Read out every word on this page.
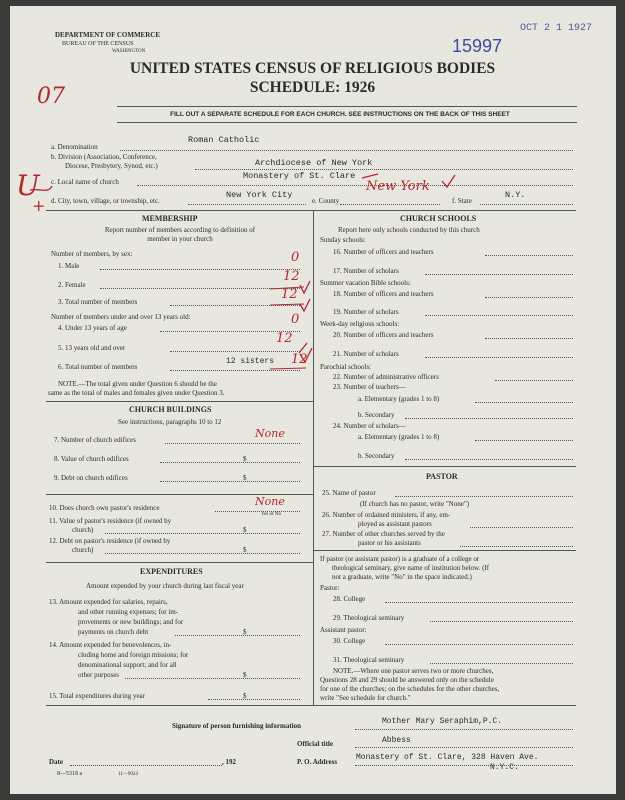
DEPARTMENT OF COMMERCE
BUREAU OF THE CENSUS
WASHINGTON
UNITED STATES CENSUS OF RELIGIOUS BODIES
SCHEDULE: 1926
15997
OCT 2 1 1927
07
FILL OUT A SEPARATE SCHEDULE FOR EACH CHURCH. SEE INSTRUCTIONS ON THE BACK OF THIS SHEET
a. Denomination
Roman Catholic
b. Division (Association, Conference,
Diocese, Presbytery, Synod, etc.)	Archdiocese of New York
c. Local name of church
Monastery of St. Clare
d. City, town, village, or township, etc.
New York City
e. County
New York
f. State
N.Y.
U
+
MEMBERSHIP
Report number of members according to definition of
member in your church
Number of members, by sex:
1. Male
0
2. Female
12
3. Total number of members	12
Number of members under and over 13 years old:
4. Under 13 years of age
0
5. 13 years old and over
12
6. Total number of members
12 sisters 12
NOTE.—The total given under Question 6 should be the
same as the total of males and females given under Question 3.
CHURCH BUILDINGS
See instructions, paragraphs 10 to 12
7. Number of church edifices	None
8. Value of church edifices	$
9. Debt on church edifices	$
10. Does church own pastor's residence	None
Yes or No
11. Value of pastor's residence (if owned by
church)	$
12. Debt on pastor's residence (if owned by
church)	$
EXPENDITURES
Amount expended by your church during last fiscal year
13. Amount expended for salaries, repairs,
and other running expenses; for im-
provements or new buildings; and for
payments on church debt	$
14. Amount expended for benevolences, in-
cluding home and foreign missions; for
denominational support; and for all
other purposes	$
15. Total expenditures during year	$
CHURCH SCHOOLS
Report here only schools conducted by this church
Sunday schools:
16. Number of officers and teachers
17. Number of scholars
Summer vacation Bible schools:
18. Number of officers and teachers
19. Number of scholars
Week-day religious schools:
20. Number of officers and teachers
21. Number of scholars
Parochial schools:
22. Number of administrative officers
23. Number of teachers—
a. Elementary (grades 1 to 8)
b. Secondary
24. Number of scholars—
a. Elementary (grades 1 to 8)
b. Secondary
PASTOR
25. Name of pastor
(If church has no pastor, write "None")
26. Number of ordained ministers, if any, em-
ployed as assistant pastors
27. Number of other churches served by the
pastor or his assistants
If pastor (or assistant pastor) is a graduate of a college or
theological seminary, give name of institution below. (If
not a graduate, write "No" in the space indicated.)
Pastor:
28. College
29. Theological seminary
Assistant pastor:
30. College
31. Theological seminary
NOTE.—Where one pastor serves two or more churches,
Questions 28 and 29 should be answered only on the schedule
for one of the churches; on the schedules for the other churches,
write "See schedule for church."
Signature of person furnishing information	Mother Mary Seraphim,P.C.
Official title	Abbess
Date	, 192	P. O. Address Monastery of St. Clare, 328 Haven Ave.
N.Y.C.
8—5318 a	11—9024
